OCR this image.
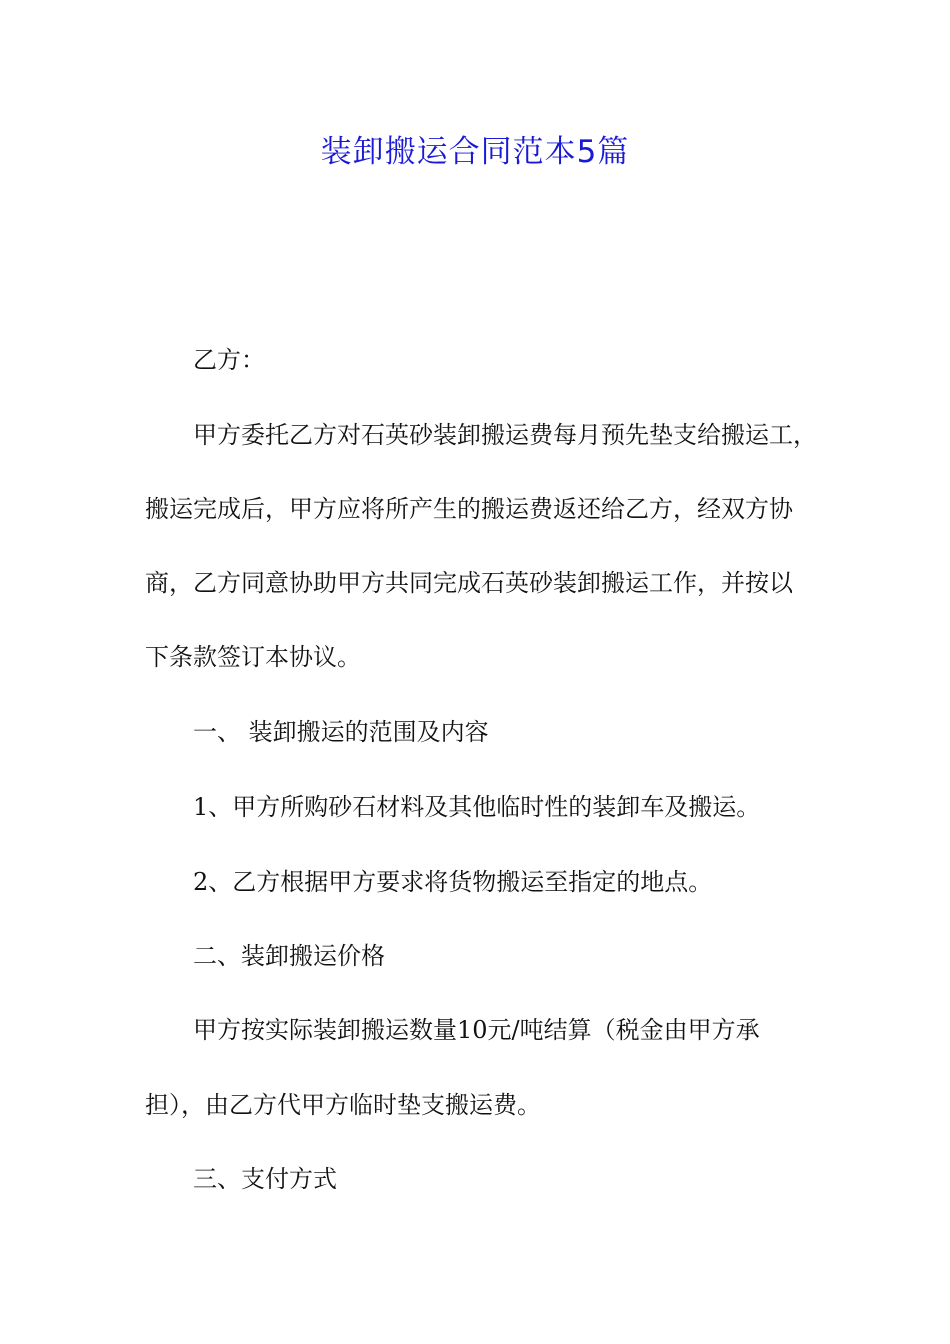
装卸搬运合同范本5篇

乙方：

甲方委托乙方对石英砂装卸搬运费每月预先垫支给搬运工，

搬运完成后，甲方应将所产生的搬运费返还给乙方，经双方协

商，乙方同意协助甲方共同完成石英砂装卸搬运工作，并按以

下条款签订本协议。

一、 装卸搬运的范围及内容

1、甲方所购砂石材料及其他临时性的装卸车及搬运。

2、乙方根据甲方要求将货物搬运至指定的地点。

二、装卸搬运价格

甲方按实际装卸搬运数量10元/吨结算（税金由甲方承

担），由乙方代甲方临时垫支搬运费。

三、支付方式
